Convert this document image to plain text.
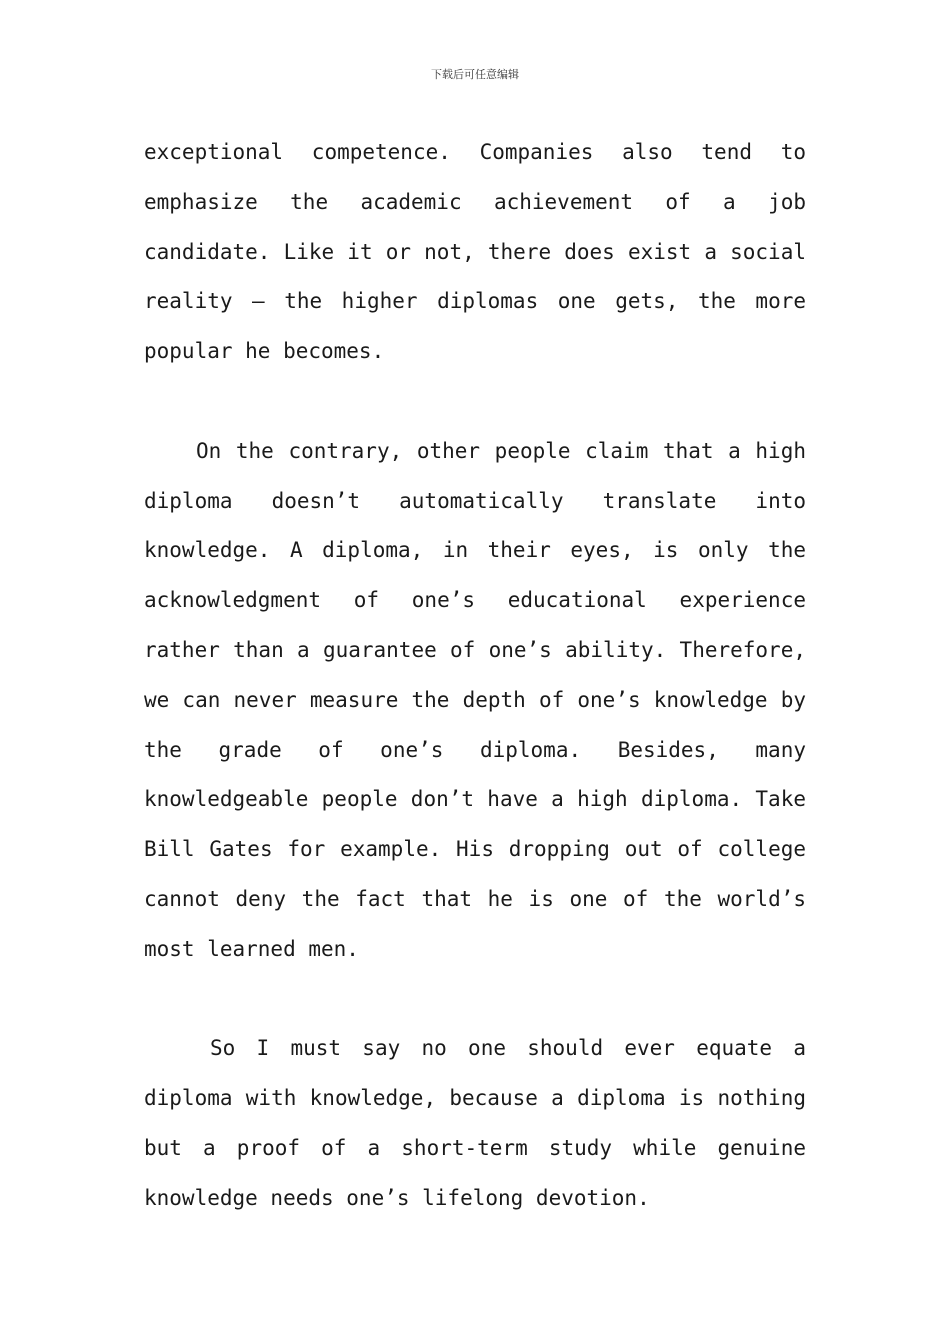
下载后可任意编辑

exceptional competence. Companies also tend to emphasize the academic achievement of a job candidate. Like it or not, there does exist a social reality – the higher diplomas one gets, the more popular he becomes.

On the contrary, other people claim that a high diploma doesn’t automatically translate into knowledge. A diploma, in their eyes, is only the acknowledgment of one’s educational experience rather than a guarantee of one’s ability. Therefore, we can never measure the depth of one’s knowledge by the grade of one’s diploma. Besides, many knowledgeable people don’t have a high diploma. Take Bill Gates for example. His dropping out of college cannot deny the fact that he is one of the world’s most learned men.

So I must say no one should ever equate a diploma with knowledge, because a diploma is nothing but a proof of a short-term study while genuine knowledge needs one’s lifelong devotion.
